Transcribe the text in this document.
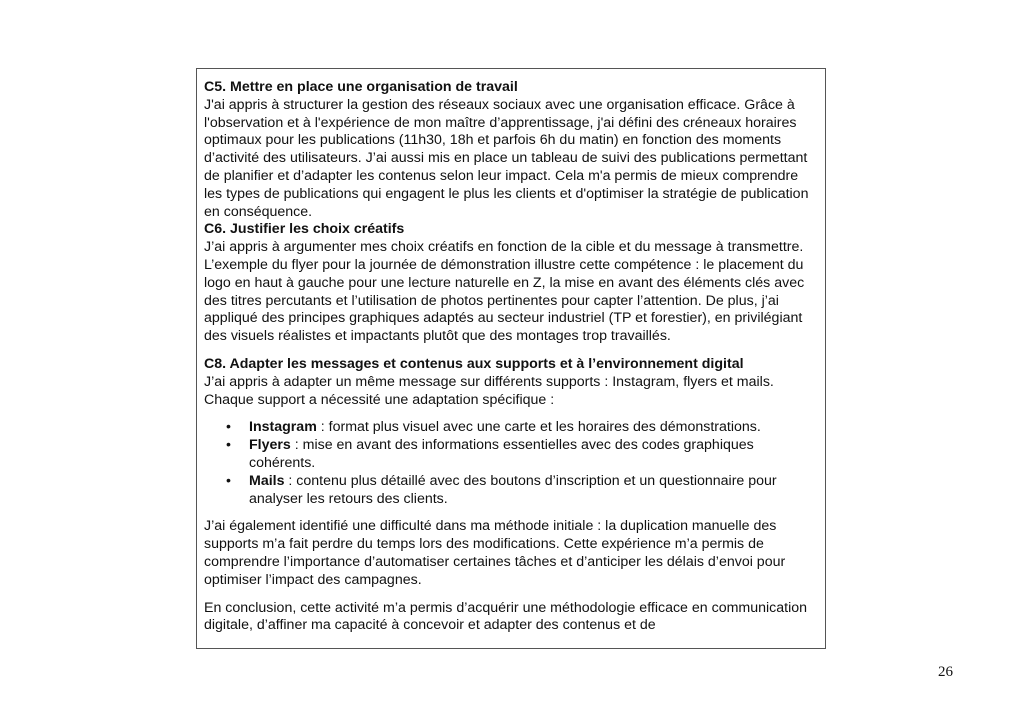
C5. Mettre en place une organisation de travail

J'ai appris à structurer la gestion des réseaux sociaux avec une organisation efficace. Grâce à l'observation et à l'expérience de mon maître d’apprentissage, j'ai défini des créneaux horaires optimaux pour les publications (11h30, 18h et parfois 6h du matin) en fonction des moments d’activité des utilisateurs. J’ai aussi mis en place un tableau de suivi des publications permettant de planifier et d’adapter les contenus selon leur impact. Cela m'a permis de mieux comprendre les types de publications qui engagent le plus les clients et d'optimiser la stratégie de publication en conséquence.

C6. Justifier les choix créatifs

J’ai appris à argumenter mes choix créatifs en fonction de la cible et du message à transmettre. L’exemple du flyer pour la journée de démonstration illustre cette compétence : le placement du logo en haut à gauche pour une lecture naturelle en Z, la mise en avant des éléments clés avec des titres percutants et l’utilisation de photos pertinentes pour capter l’attention. De plus, j’ai appliqué des principes graphiques adaptés au secteur industriel (TP et forestier), en privilégiant des visuels réalistes et impactants plutôt que des montages trop travaillés.

C8. Adapter les messages et contenus aux supports et à l’environnement digital

J’ai appris à adapter un même message sur différents supports : Instagram, flyers et mails. Chaque support a nécessité une adaptation spécifique :

• Instagram : format plus visuel avec une carte et les horaires des démonstrations.
• Flyers : mise en avant des informations essentielles avec des codes graphiques cohérents.
• Mails : contenu plus détaillé avec des boutons d’inscription et un questionnaire pour analyser les retours des clients.

J’ai également identifié une difficulté dans ma méthode initiale : la duplication manuelle des supports m’a fait perdre du temps lors des modifications. Cette expérience m’a permis de comprendre l’importance d’automatiser certaines tâches et d’anticiper les délais d’envoi pour optimiser l’impact des campagnes.

En conclusion, cette activité m’a permis d’acquérir une méthodologie efficace en communication digitale, d’affiner ma capacité à concevoir et adapter des contenus et de

26
